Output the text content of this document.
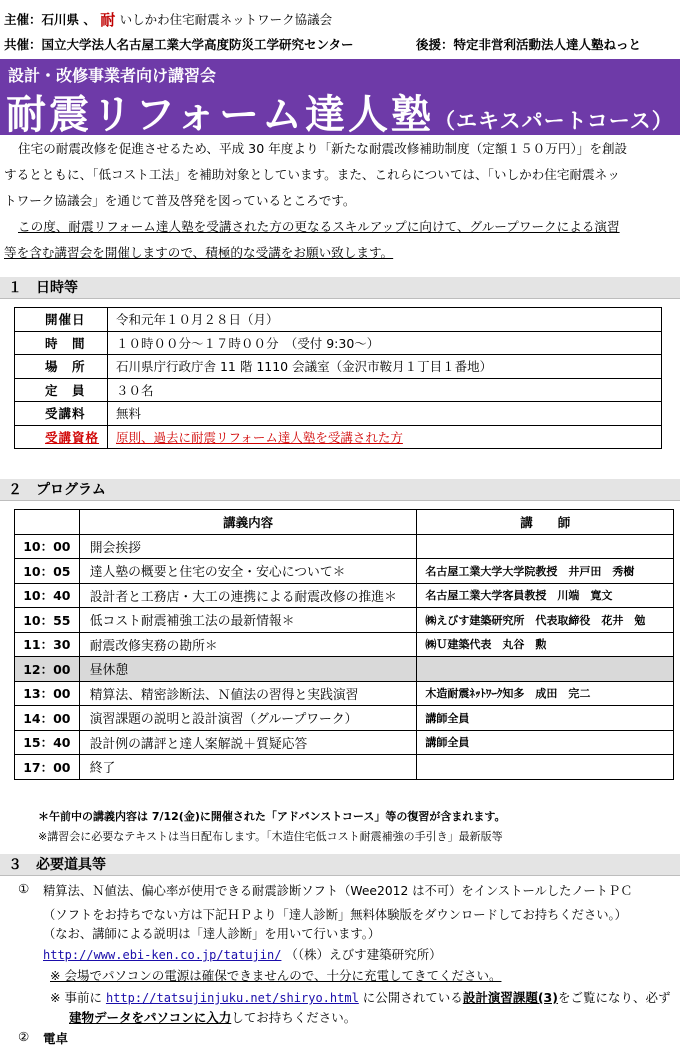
主催：石川県 、 耐 いしかわ住宅耐震ネットワーク協議会
共催：国立大学法人名古屋工業大学高度防災工学研究センター	後援：特定非営利活動法人達人塾ねっと
設計・改修事業者向け講習会
耐震リフォーム達人塾（エキスパートコース）
住宅の耐震改修を促進させるため、平成 30 年度より「新たな耐震改修補助制度（定額１５０万円）」を創設
するとともに、「低コスト工法」を補助対象としています。また、これらについては、「いしかわ住宅耐震ネッ
トワーク協議会」を通じて普及啓発を図っているところです。
この度、耐震リフォーム達人塾を受講された方の更なるスキルアップに向けて、グループワークによる演習
等を含む講習会を開催しますので、積極的な受講をお願い致します。
１　日時等
開催日	令和元年１０月２８日（月）
時　間	１０時００分～１７時００分　（受付 9:30～）
場　所	石川県庁行政庁舎 11 階 1110 会議室（金沢市鞍月１丁目１番地）
定　員	３０名
受講料	無料
受講資格	原則、過去に耐震リフォーム達人塾を受講された方
２　プログラム
	講義内容	講　　師
10：00	開会挨拶	
10：05	達人塾の概要と住宅の安全・安心について＊	名古屋工業大学大学院教授　井戸田　秀樹
10：40	設計者と工務店・大工の連携による耐震改修の推進＊	名古屋工業大学客員教授　川端　寛文
10：55	低コスト耐震補強工法の最新情報＊	㈱えびす建築研究所　代表取締役　花井　勉
11：30	耐震改修実務の勘所＊	㈱Ｕ建築代表　丸谷　勲
12：00	昼休憩	
13：00	精算法、精密診断法、Ｎ値法の習得と実践演習	木造耐震ﾈｯﾄﾜｰｸ知多　成田　完二
14：00	演習課題の説明と設計演習（グループワーク）	講師全員
15：40	設計例の講評と達人案解説＋質疑応答	講師全員
17：00	終了	
＊午前中の講義内容は 7/12(金)に開催された「アドバンストコース」等の復習が含まれます。
※講習会に必要なテキストは当日配布します。「木造住宅低コスト耐震補強の手引き」最新版等
３　必要道具等
① 精算法、Ｎ値法、偏心率が使用できる耐震診断ソフト（Wee2012 は不可）をインストールしたノートＰＣ
（ソフトをお持ちでない方は下記ＨＰより「達人診断」無料体験版をダウンロードしてお持ちください。）
（なお、講師による説明は「達人診断」を用いて行います。）
http://www.ebi-ken.co.jp/tatujin/ （（株）えびす建築研究所）
※ 会場でパソコンの電源は確保できませんので、十分に充電してきてください。
※ 事前に http://tatsujinjuku.net/shiryo.html に公開されている設計演習課題(3)をご覧になり、必ず
建物データをパソコンに入力してお持ちください。
② 電卓
